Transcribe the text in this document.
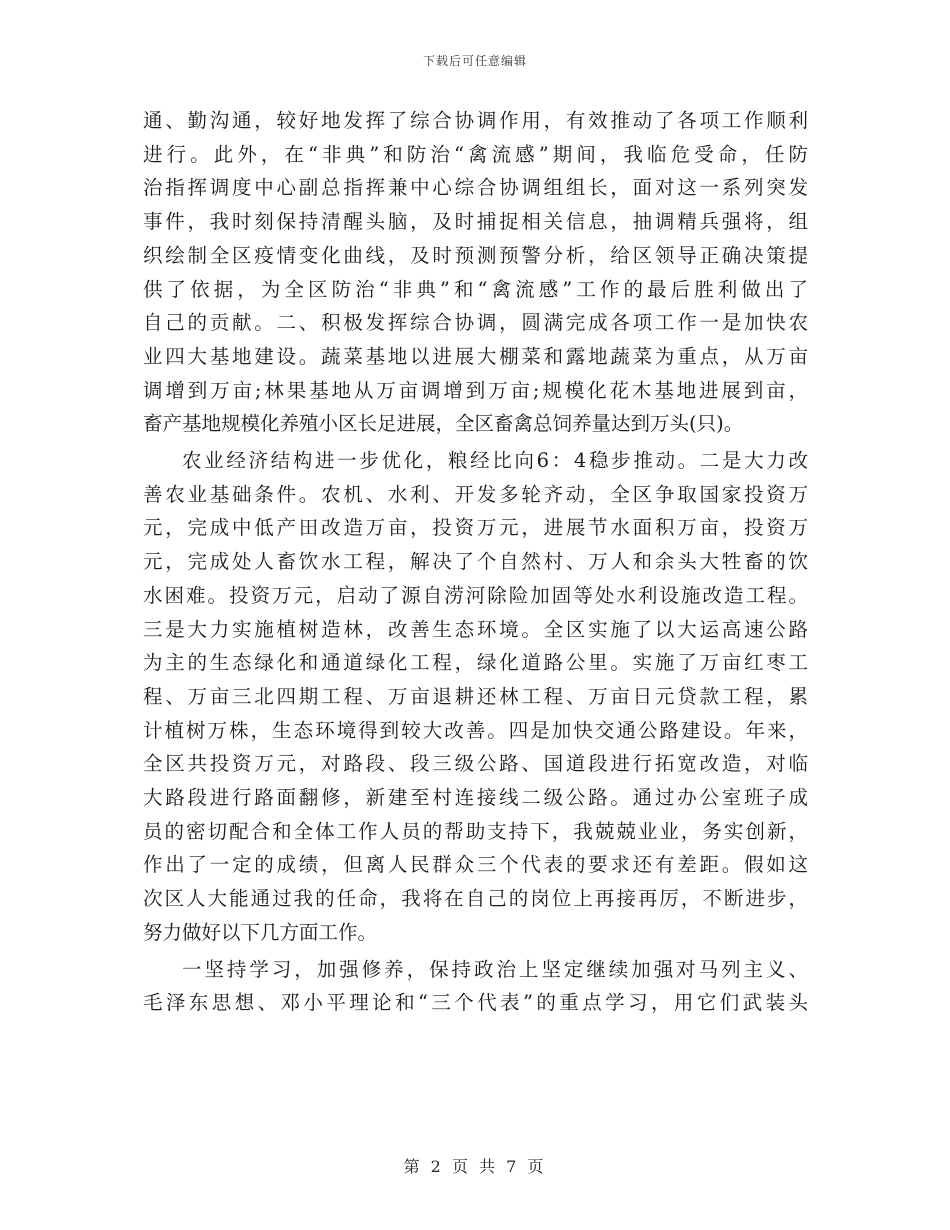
下载后可任意编辑

通、勤沟通，较好地发挥了综合协调作用，有效推动了各项工作顺利
进行。此外，在“非典”和防治“禽流感”期间，我临危受命，任防
治指挥调度中心副总指挥兼中心综合协调组组长，面对这一系列突发
事件，我时刻保持清醒头脑，及时捕捉相关信息，抽调精兵强将，组
织绘制全区疫情变化曲线，及时预测预警分析，给区领导正确决策提
供了依据，为全区防治“非典”和“禽流感”工作的最后胜利做出了
自己的贡献。二、积极发挥综合协调，圆满完成各项工作一是加快农
业四大基地建设。蔬菜基地以进展大棚菜和露地蔬菜为重点，从万亩
调增到万亩;林果基地从万亩调增到万亩;规模化花木基地进展到亩，
畜产基地规模化养殖小区长足进展，全区畜禽总饲养量达到万头(只)。

农业经济结构进一步优化，粮经比向6：4稳步推动。二是大力改
善农业基础条件。农机、水利、开发多轮齐动，全区争取国家投资万
元，完成中低产田改造万亩，投资万元，进展节水面积万亩，投资万
元，完成处人畜饮水工程，解决了个自然村、万人和余头大牲畜的饮
水困难。投资万元，启动了源自涝河除险加固等处水利设施改造工程。
三是大力实施植树造林，改善生态环境。全区实施了以大运高速公路
为主的生态绿化和通道绿化工程，绿化道路公里。实施了万亩红枣工
程、万亩三北四期工程、万亩退耕还林工程、万亩日元贷款工程，累
计植树万株，生态环境得到较大改善。四是加快交通公路建设。年来，
全区共投资万元，对路段、段三级公路、国道段进行拓宽改造，对临
大路段进行路面翻修，新建至村连接线二级公路。通过办公室班子成
员的密切配合和全体工作人员的帮助支持下，我兢兢业业，务实创新，
作出了一定的成绩，但离人民群众三个代表的要求还有差距。假如这
次区人大能通过我的任命，我将在自己的岗位上再接再厉，不断进步，
努力做好以下几方面工作。

一坚持学习，加强修养，保持政治上坚定继续加强对马列主义、
毛泽东思想、邓小平理论和“三个代表”的重点学习，用它们武装头

第 2 页 共 7 页
